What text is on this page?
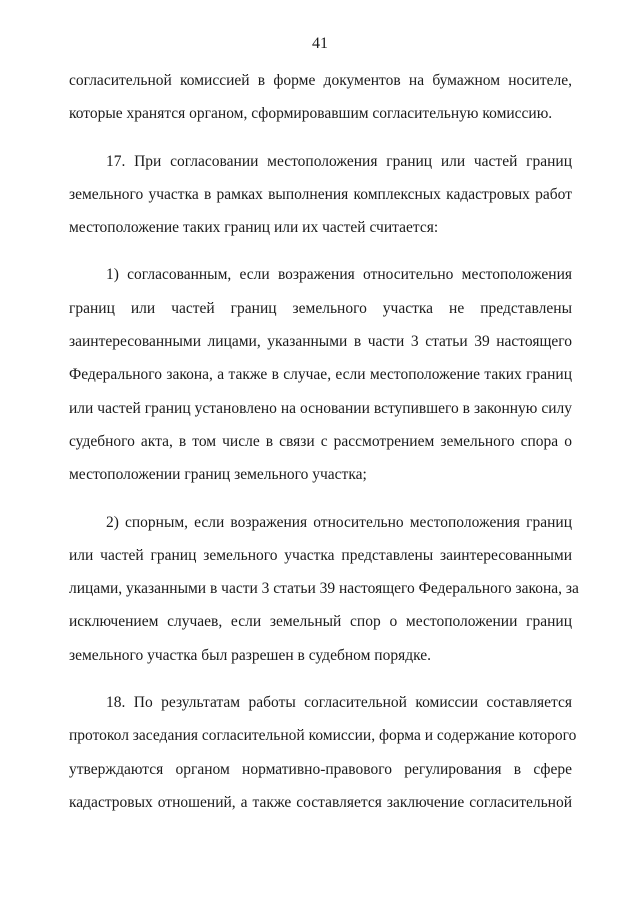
41
согласительной комиссией в форме документов на бумажном носителе,
которые хранятся органом, сформировавшим согласительную комиссию.
17. При согласовании местоположения границ или частей границ
земельного участка в рамках выполнения комплексных кадастровых работ
местоположение таких границ или их частей считается:
1) согласованным, если возражения относительно местоположения
границ или частей границ земельного участка не представлены
заинтересованными лицами, указанными в части 3 статьи 39 настоящего
Федерального закона, а также в случае, если местоположение таких границ
или частей границ установлено на основании вступившего в законную силу
судебного акта, в том числе в связи с рассмотрением земельного спора о
местоположении границ земельного участка;
2) спорным, если возражения относительно местоположения границ
или частей границ земельного участка представлены заинтересованными
лицами, указанными в части 3 статьи 39 настоящего Федерального закона, за
исключением случаев, если земельный спор о местоположении границ
земельного участка был разрешен в судебном порядке.
18. По результатам работы согласительной комиссии составляется
протокол заседания согласительной комиссии, форма и содержание которого
утверждаются органом нормативно-правового регулирования в сфере
кадастровых отношений, а также составляется заключение согласительной
